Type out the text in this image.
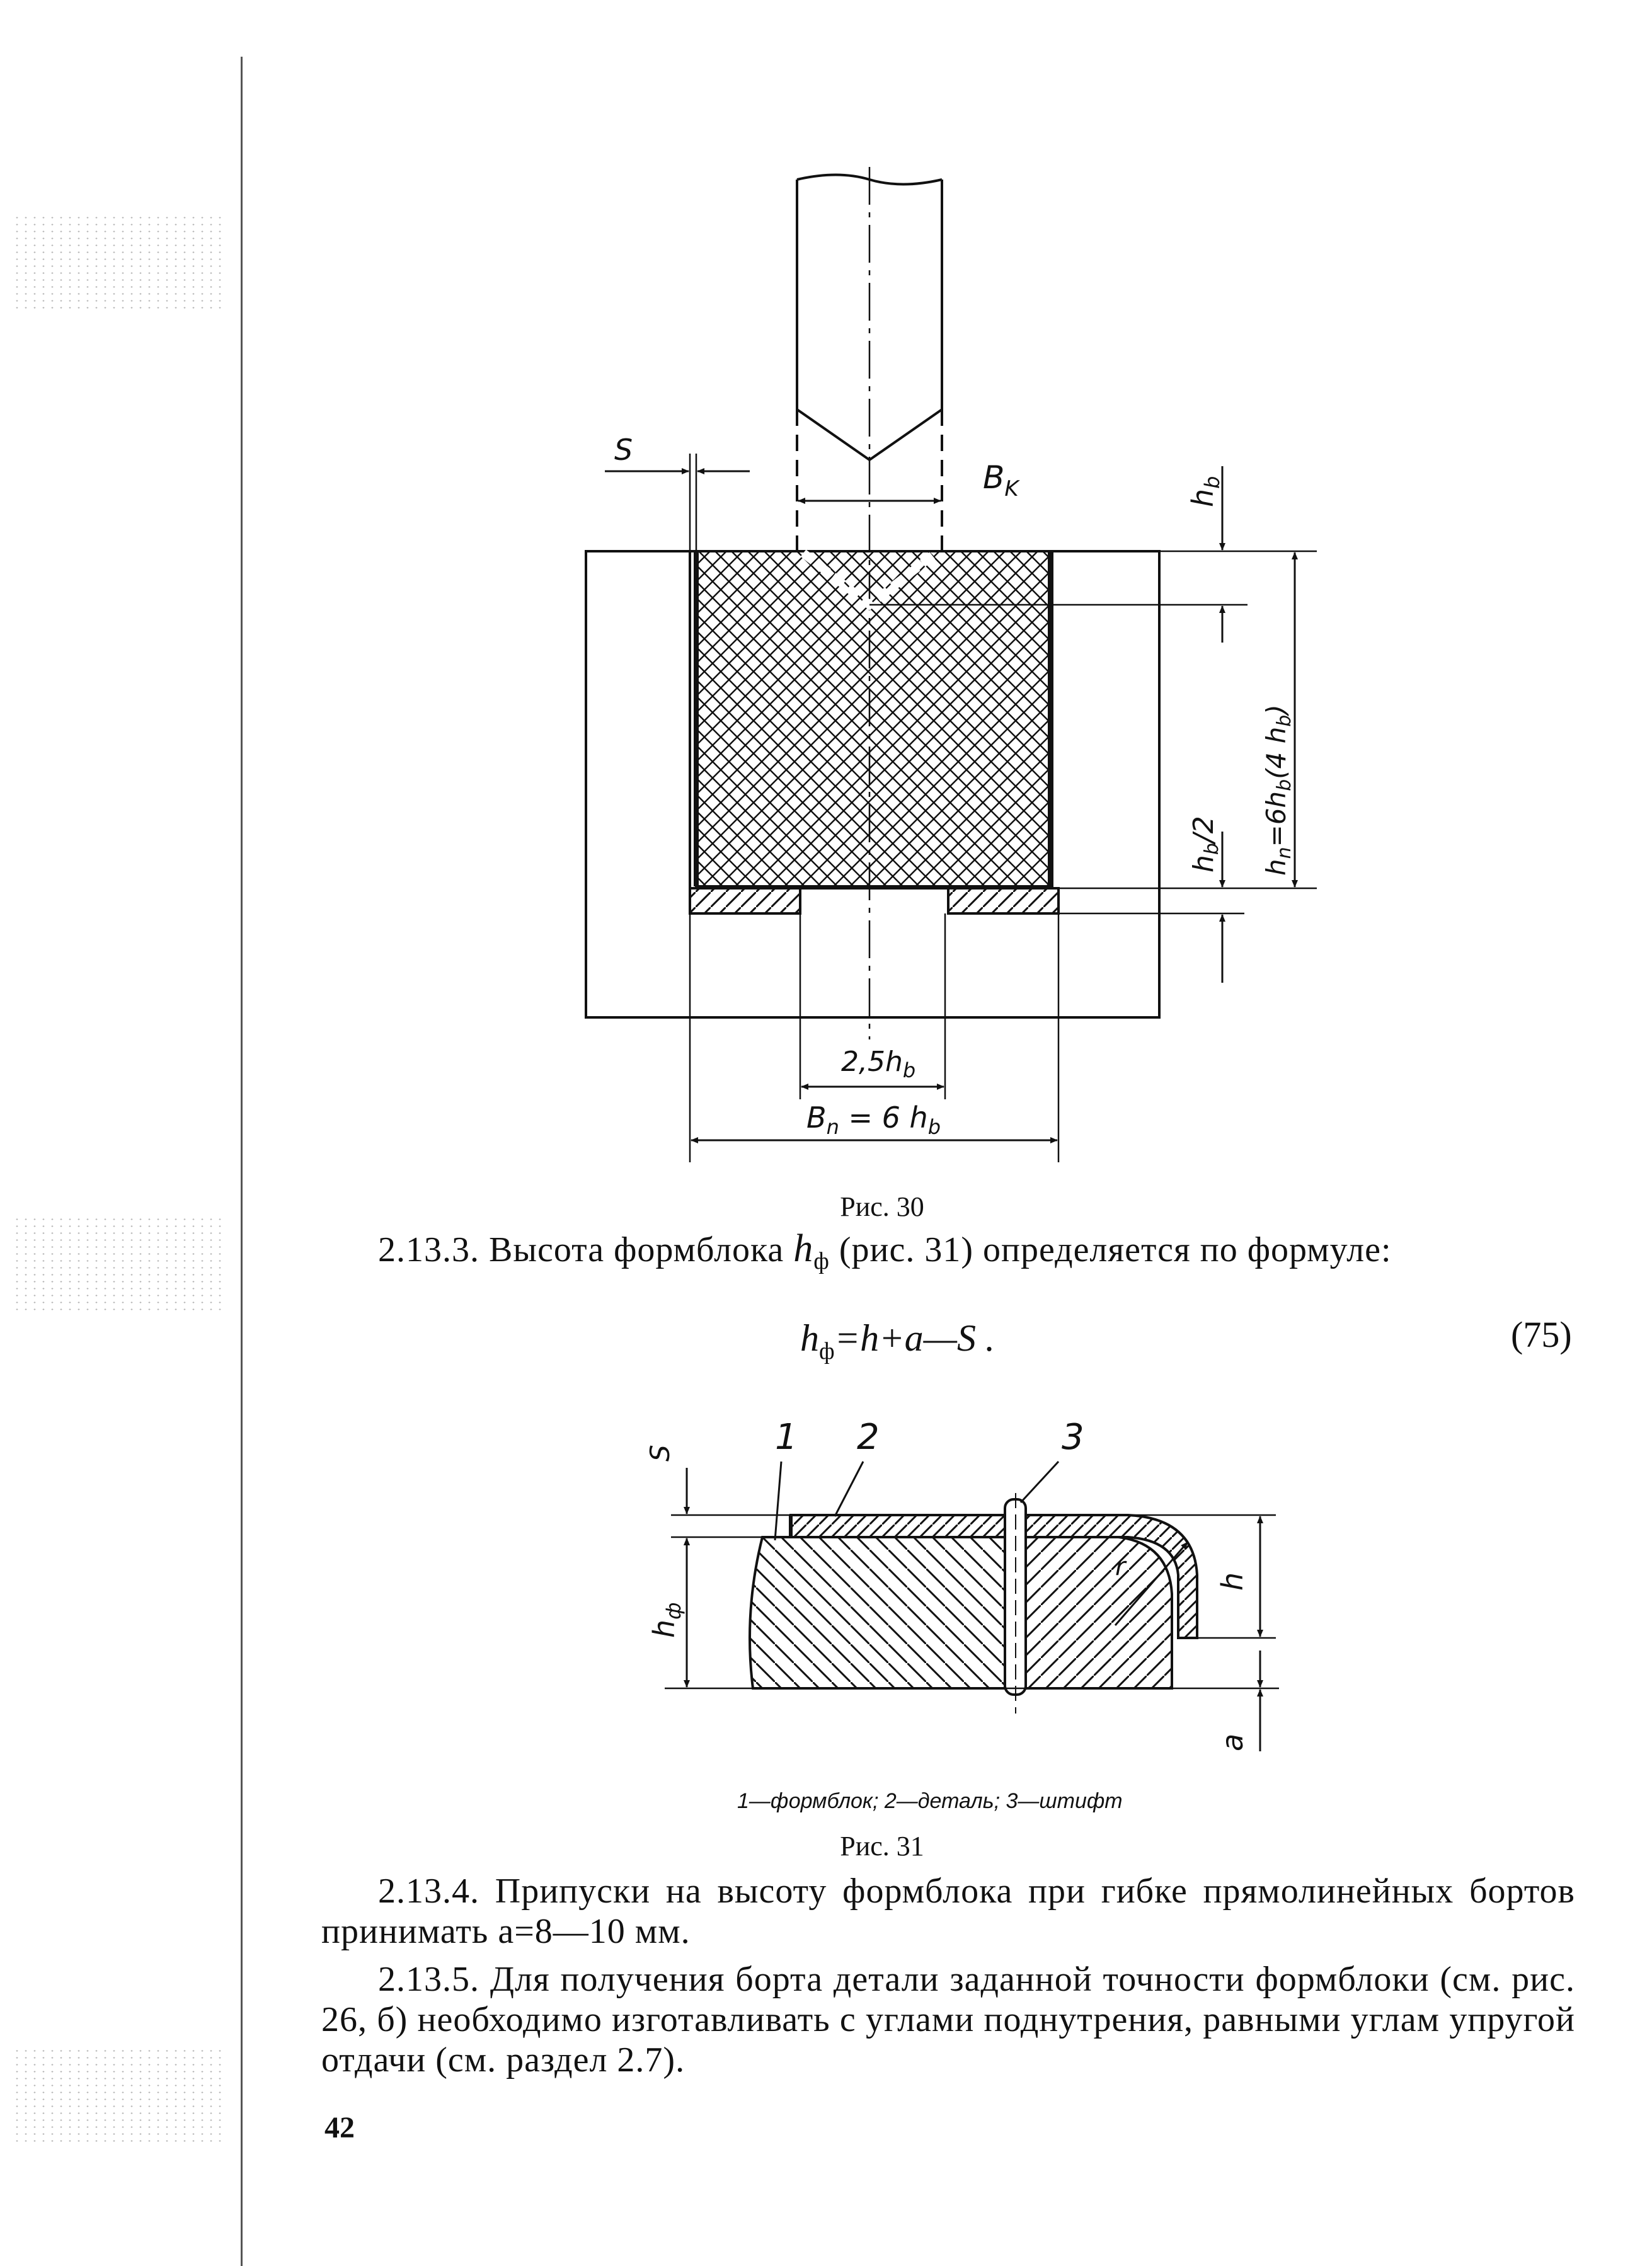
S
$B_K$	$h_b$
hn=6hb(4 hb)
hb/2
$2,5h_b$
$B_n = 6$ $h_b$
Рис. 30
2.13.3. Высота формблока $h_ф$ (рис. 31) определяется по формуле:
$h_ф=h+a—S$ .	(75)
S
$h_ф$
h
a
r
1 2	3
1—формблок; 2—деталь; 3—штифт
Рис. 31
2.13.4. Припуски на высоту формблока при гибке прямолинейных бортов принимать a=8—10 мм.
2.13.5. Для получения борта детали заданной точности формблоки (см. рис. 26, б) необходимо изготавливать с углами поднутрения, равными углам упругой отдачи (см. раздел 2.7).
42
